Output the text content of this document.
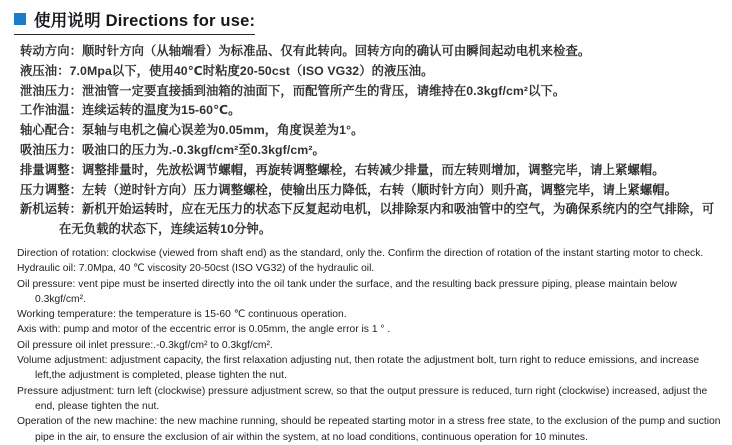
使用说明 Directions for use:

转动方向：顺时针方向（从轴端看）为标准品、仅有此转向。回转方向的确认可由瞬间起动电机来检查。

液压油：7.0Mpa以下，使用40℃时粘度20-50cst（ISO VG32）的液压油。

泄油压力：泄油管一定要直接插到油箱的油面下，而配管所产生的背压，请维持在0.3kgf/cm²以下。

工作油温：连续运转的温度为15-60℃。

轴心配合：泵轴与电机之偏心误差为0.05mm，角度误差为1°。

吸油压力：吸油口的压力为.-0.3kgf/cm²至0.3kgf/cm²。

排量调整：调整排量时，先放松调节螺帽，再旋转调整螺栓，右转减少排量，而左转则增加，调整完毕，请上紧螺帽。

压力调整：左转（逆时针方向）压力调整螺栓，使输出压力降低，右转（顺时针方向）则升高，调整完毕，请上紧螺帽。

新机运转：新机开始运转时，应在无压力的状态下反复起动电机，以排除泵内和吸油管中的空气，为确保系统内的空气排除，可在无负载的状态下，连续运转10分钟。

Direction of rotation: clockwise (viewed from shaft end) as the standard, only the. Confirm the direction of rotation of the instant starting motor to check.

Hydraulic oil: 7.0Mpa, 40 ℃ viscosity 20-50cst (ISO VG32) of the hydraulic oil.

Oil pressure: vent pipe must be inserted directly into the oil tank under the surface, and the resulting back pressure piping, please maintain below 0.3kgf/cm².

Working temperature: the temperature is 15-60 ℃ continuous operation.

Axis with: pump and motor of the eccentric error is 0.05mm, the angle error is 1 ° .

Oil pressure oil inlet pressure:.-0.3kgf/cm² to 0.3kgf/cm².

Volume adjustment: adjustment capacity, the first relaxation adjusting nut, then rotate the adjustment bolt, turn right to reduce emissions, and increase left,the adjustment is completed, please tighten the nut.

Pressure adjustment: turn left (clockwise) pressure adjustment screw, so that the output pressure is reduced, turn right (clockwise) increased, adjust the end, please tighten the nut.

Operation of the new machine: the new machine running, should be repeated starting motor in a stress free state, to the exclusion of the pump and suction pipe in the air, to ensure the exclusion of air within the system, at no load conditions, continuous operation for 10 minutes.
